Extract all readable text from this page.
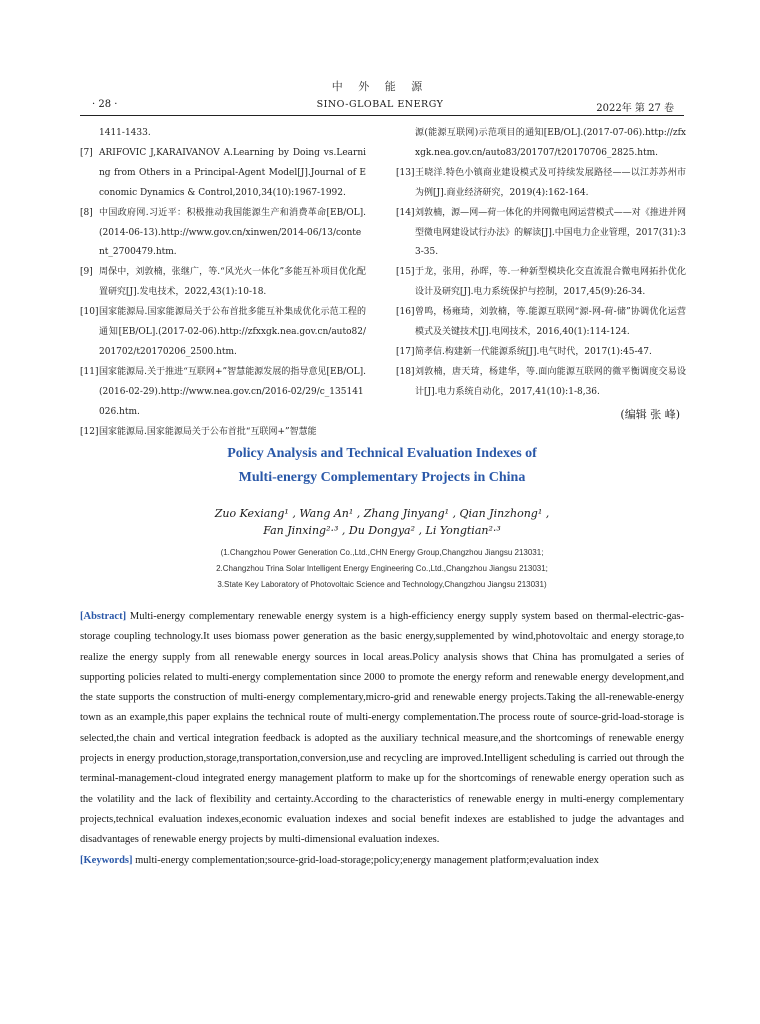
中 外 能 源
· 28 ·	SINO-GLOBAL ENERGY	2022年 第 27 卷
1411-1433.
[7] ARIFOVIC J,KARAIVANOV A.Learning by Doing vs.Learning from Others in a Principal-Agent Model[J].Journal of Economic Dynamics & Control,2010,34(10):1967-1992.
[8] 中国政府网.习近平：积极推动我国能源生产和消费革命[EB/OL].(2014-06-13).http://www.gov.cn/xinwen/2014-06/13/content_2700479.htm.
[9] 周保中，刘敦楠，张继广，等.“风光火一体化”多能互补项目优化配置研究[J].发电技术，2022,43(1):10-18.
[10] 国家能源局.国家能源局关于公布首批多能互补集成优化示范工程的通知[EB/OL].(2017-02-06).http://zfxxgk.nea.gov.cn/auto82/201702/t20170206_2500.htm.
[11] 国家能源局.关于推进“互联网+”智慧能源发展的指导意见[EB/OL].(2016-02-29).http://www.nea.gov.cn/2016-02/29/c_135141026.htm.
[12] 国家能源局.国家能源局关于公布首批“互联网+”智慧能
源(能源互联网)示范项目的通知[EB/OL].(2017-07-06).http://zfxxgk.nea.gov.cn/auto83/201707/t20170706_2825.htm.
[13] 王晓洋.特色小镇商业建设模式及可持续发展路径——以江苏苏州市为例[J].商业经济研究，2019(4):162-164.
[14] 刘敦楠，源—网—荷一体化的并网微电网运营模式——对《推进并网型微电网建设试行办法》的解读[J].中国电力企业管理，2017(31):33-35.
[15] 于龙，张用，孙晖，等.一种新型模块化交直流混合微电网拓扑优化设计及研究[J].电力系统保护与控制，2017,45(9):26-34.
[16] 曾鸣，杨雍琦，刘敦楠，等.能源互联网“源-网-荷-储”协调优化运营模式及关键技术[J].电网技术，2016,40(1):114-124.
[17] 简孝信.构建新一代能源系统[J].电气时代，2017(1):45-47.
[18] 刘敦楠，唐天琦，杨建华，等.面向能源互联网的微平衡调度交易设计[J].电力系统自动化，2017,41(10):1-8,36.
(编辑 张 峰)
Policy Analysis and Technical Evaluation Indexes of
Multi-energy Complementary Projects in China
Zuo Kexiang¹ , Wang An¹ , Zhang Jinyang¹ , Qian Jinzhong¹ ,
Fan Jinxing²·³ , Du Dongya² , Li Yongtian²·³
(1.Changzhou Power Generation Co.,Ltd.,CHN Energy Group,Changzhou Jiangsu 213031;
2.Changzhou Trina Solar Intelligent Energy Engineering Co.,Ltd.,Changzhou Jiangsu 213031;
3.State Key Laboratory of Photovoltaic Science and Technology,Changzhou Jiangsu 213031)
[Abstract] Multi-energy complementary renewable energy system is a high-efficiency energy supply system based on thermal-electric-gas-storage coupling technology.It uses biomass power generation as the basic energy,supplemented by wind,photovoltaic and energy storage,to realize the energy supply from all renewable energy sources in local areas.Policy analysis shows that China has promulgated a series of supporting policies related to multi-energy complementation since 2000 to promote the energy reform and renewable energy development,and the state supports the construction of multi-energy complementary,micro-grid and renewable energy projects.Taking the all-renewable-energy town as an example,this paper explains the technical route of multi-energy complementation.The process route of source-grid-load-storage is selected,the chain and vertical integration feedback is adopted as the auxiliary technical measure,and the shortcomings of renewable energy projects in energy production,storage,transportation,conversion,use and recycling are improved.Intelligent scheduling is carried out through the terminal-management-cloud integrated energy management platform to make up for the shortcomings of renewable energy operation such as the volatility and the lack of flexibility and certainty.According to the characteristics of renewable energy in multi-energy complementary projects,technical evaluation indexes,economic evaluation indexes and social benefit indexes are established to judge the advantages and disadvantages of renewable energy projects by multi-dimensional evaluation indexes.
[Keywords] multi-energy complementation;source-grid-load-storage;policy;energy management platform;evaluation index
